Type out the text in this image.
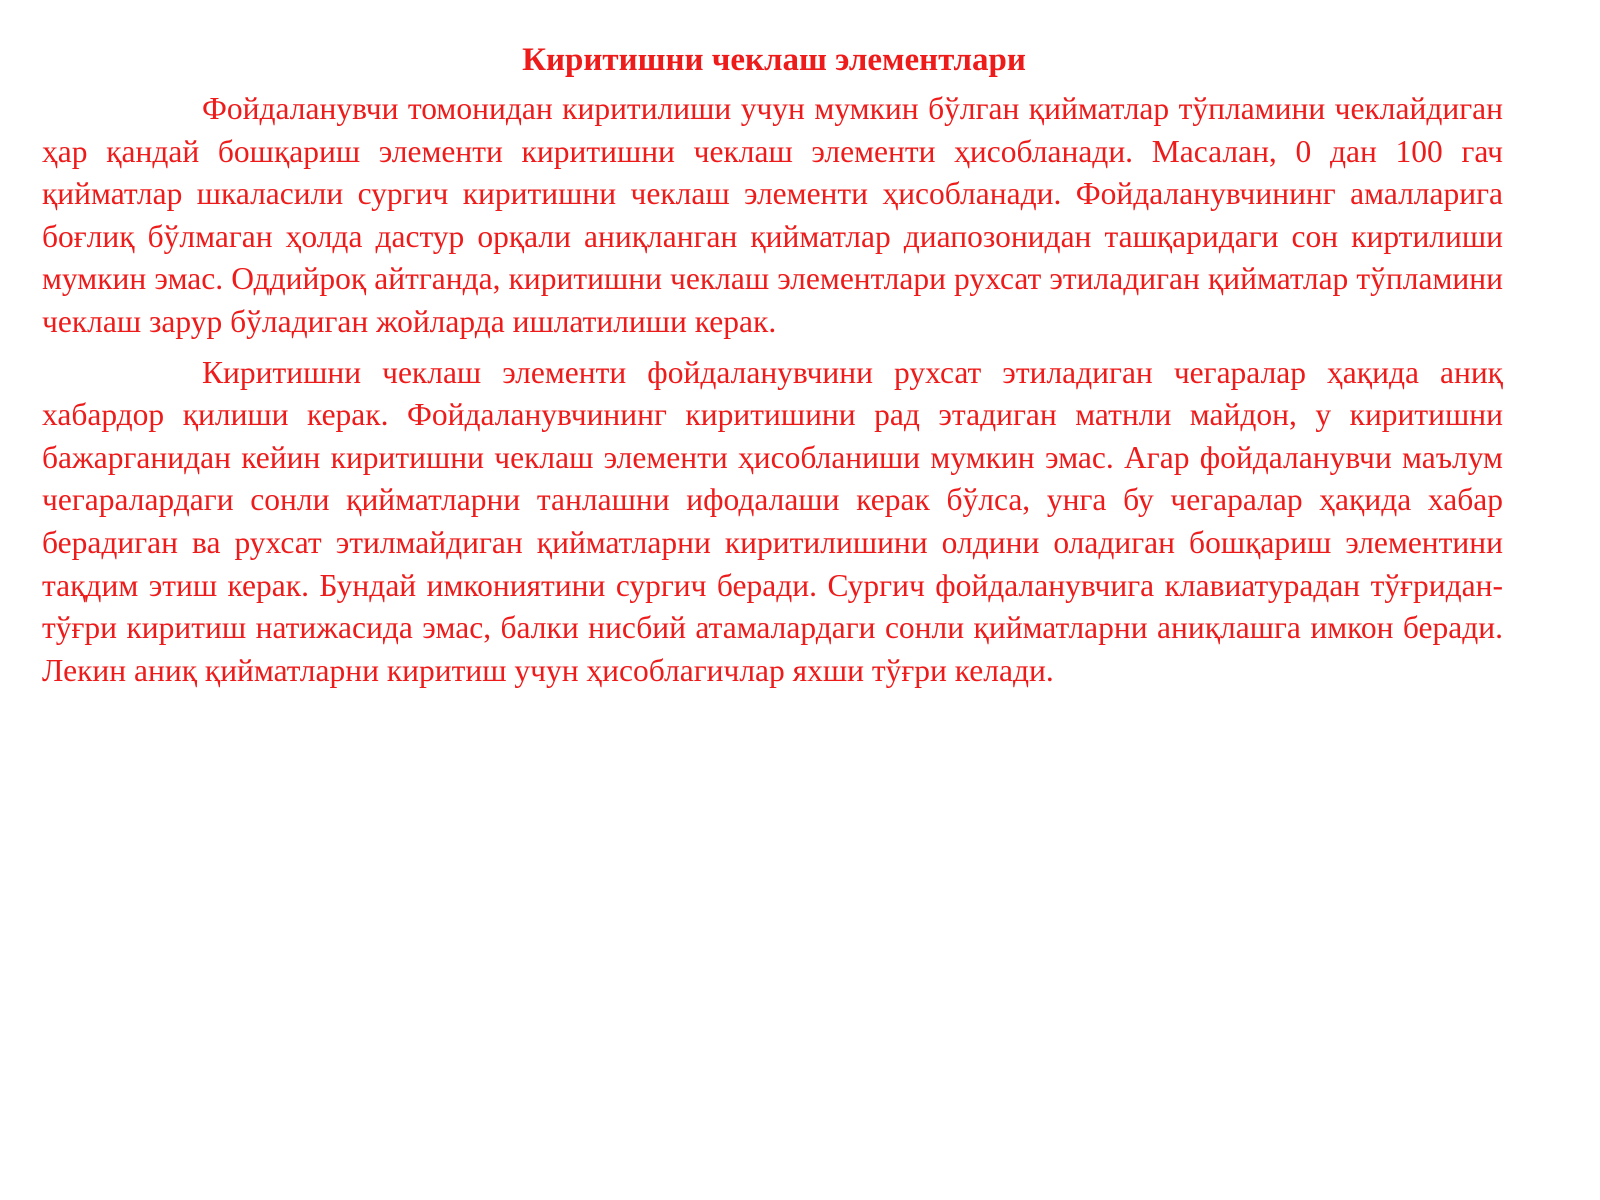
Киритишни чеклаш элементлари

Фойдаланувчи томонидан киритилиши учун мумкин бўлган қийматлар тўпламини чеклайдиган ҳар қандай бошқариш элементи киритишни чеклаш элементи ҳисобланади. Масалан, 0 дан 100 гач қийматлар шкаласили сургич киритишни чеклаш элементи ҳисобланади. Фойдаланувчининг амалларига боғлиқ бўлмаган ҳолда дастур орқали аниқланган қийматлар диапозонидан ташқаридаги сон киртилиши мумкин эмас. Оддийроқ айтганда, киритишни чеклаш элементлари рухсат этиладиган қийматлар тўпламини чеклаш зарур бўладиган жойларда ишлатилиши керак.

Киритишни чеклаш элементи фойдаланувчини рухсат этиладиган чегаралар ҳақида аниқ хабардор қилиши керак. Фойдаланувчининг киритишини рад этадиган матнли майдон, у киритишни бажарганидан кейин киритишни чеклаш элементи ҳисобланиши мумкин эмас. Агар фойдаланувчи маълум чегаралардаги сонли қийматларни танлашни ифодалаши керак бўлса, унга бу чегаралар ҳақида хабар берадиган ва рухсат этилмайдиган қийматларни киритилишини олдини оладиган бошқариш элементини тақдим этиш керак. Бундай имкониятини сургич беради. Сургич фойдаланувчига клавиатурадан тўғридан-тўғри киритиш натижасида эмас, балки нисбий атамалардаги сонли қийматларни аниқлашга имкон беради. Лекин аниқ қийматларни киритиш учун ҳисоблагичлар яхши тўғри келади.
